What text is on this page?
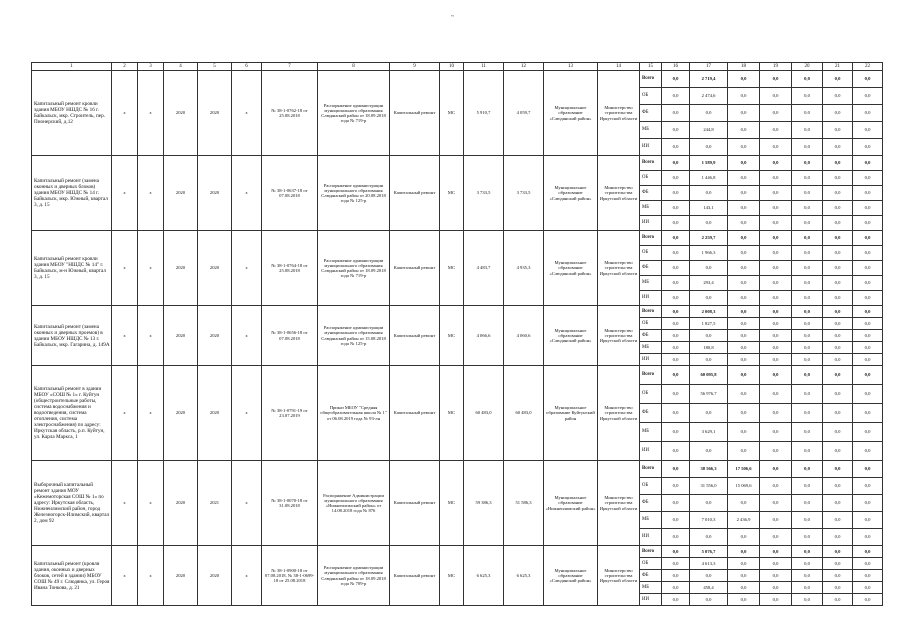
~
1	2	3	4	5	6	7	8	9	10	11	12	13	14	15	16	17	18	19	20	21	22
Капитальный ремонт кровли здания МБОУ НШДС № 16 г. Байкальск, мкр. Строитель, пер. Пионерский, д.12	х	х	2020	2020	х	№ 38-1-0762-18 от 25.08.2018	Распоряжение администрации муниципального образования Слюдянский район от 18.09.2018 года № 719-р	Капитальный ремонт	МС	5 910,7	4 059,7	Муниципальное образование «Слюдянский район»	Министерство строительства Иркутской области	Всего	0,0	2 719,4	0,0	0,0	0,0	0,0	0,0
														ОБ	0,0	2 474,6	0,0	0,0	0,0	0,0	0,0
														ФБ	0,0	0,0	0,0	0,0	0,0	0,0	0,0
														МБ	0,0	244,8	0,0	0,0	0,0	0,0	0,0
														ИИ	0,0	0,0	0,0	0,0	0,0	0,0	0,0
Капитальный ремонт (замена оконных и дверных блоков) здания МБОУ НШДС № 14 г. Байкальск, мкр. Южный, квартал 3, д. 15	х	х	2020	2020	х	№ 38-1-0637-18 от 07.08.2018	Распоряжение администрации муниципального образования Слюдянский район от 20.08.2018 года № 125-р	Капитальный ремонт	МС	3 733,5	3 733,5	Муниципальное образование «Слюдянский район»	Министерство строительства Иркутской области	Всего	0,0	1 589,9	0,0	0,0	0,0	0,0	0,0
														ОБ	0,0	1 446,8	0,0	0,0	0,0	0,0	0,0
														ФБ	0,0	0,0	0,0	0,0	0,0	0,0	0,0
														МБ	0,0	143,1	0,0	0,0	0,0	0,0	0,0
														ИИ	0,0	0,0	0,0	0,0	0,0	0,0	0,0
Капитальный ремонт кровли здания МБОУ "НШДС № 14" г. Байкальск, м-н Южный, квартал 3, д. 15	х	х	2020	2020	х	№ 38-1-0764-18 от 25.08.2018	Распоряжение администрации муниципального образования Слюдянский район от 18.09.2018 года № 719-р	Капитальный ремонт	МС	4 483,7	4 935,3	Муниципальное образование «Слюдянский район»	Министерство строительства Иркутской области	Всего	0,0	2 259,7	0,0	0,0	0,0	0,0	0,0
														ОБ	0,0	1 966,3	0,0	0,0	0,0	0,0	0,0
														ФБ	0,0	0,0	0,0	0,0	0,0	0,0	0,0
														МБ	0,0	293,4	0,0	0,0	0,0	0,0	0,0
														ИИ	0,0	0,0	0,0	0,0	0,0	0,0	0,0
Капитальный ремонт (замена оконных и дверных проемов) в здании МБОУ НШДС № 13 г. Байкальск, мкр. Гагарина, д. 149А	х	х	2020	2020	х	№ 38-1-0656-18 от 07.08.2018	Распоряжение администрации муниципального образования Слюдянский район от 15.08.2018 года № 125-р	Капитальный ремонт	МС	4 066,6	4 060,6	Муниципальное образование «Слюдянский район»	Министерство строительства Иркутской области	Всего	0,0	2 008,3	0,0	0,0	0,0	0,0	0,0
														ОБ	0,0	1 827,5	0,0	0,0	0,0	0,0	0,0
														ФБ	0,0	0,0	0,0	0,0	0,0	0,0	0,0
														МБ	0,0	180,8	0,0	0,0	0,0	0,0	0,0
														ИИ	0,0	0,0	0,0	0,0	0,0	0,0	0,0
Капитальный ремонт в здании МБОУ «СОШ № 1» г. Куйтун (общестроительные работы, система водоснабжения и водоотведения, система отопления, система электроснабжения) по адресу: Иркутская область, р.п. Куйтун, ул. Карла Маркса, 1	х	х	2020	2020	х	№ 38-1-0791-19 от 23.07.2019	Приказ МБОУ "Средняя общеобразовательная школа № 1" от 06.08.2019 года № 93-лн	Капитальный ремонт	МС	60 483,0	60 483,0	Муниципальное образование Куйтунский район	Министерство строительства Иркутской области	Всего	0,0	60 095,8	0,0	0,0	0,0	0,0	0,0
														ОБ	0,0	56 976,7	0,0	0,0	0,0	0,0	0,0
														ФБ	0,0	0,0	0,0	0,0	0,0	0,0	0,0
														МБ	0,0	3 629,1	0,0	0,0	0,0	0,0	0,0
														ИИ	0,0	0,0	0,0	0,0	0,0	0,0	0,0
Выборочный капитальный ремонт здания МОУ «Кежемоторская СОШ № 1» по адресу: Иркутская область, Нижнеилимский район, город Железногорск-Илимский, квартал 2, дом 92	х	х	2020	2021	х	№ 38-1-0070-18 от 31.08.2018	Распоряжение Администрации муниципального образования «Нижнеилимский район» от 14.08.2018 года № 876	Капитальный ремонт	МС	59 386,3	51 586,3	Муниципальное образование «Нижнеилимский район»	Министерство строительства Иркутской области	Всего	0,0	38 566,3	17 506,6	0,0	0,0	0,0	0,0
														ОБ	0,0	31 556,0	15 069,6	0,0	0,0	0,0	0,0
														ФБ	0,0	0,0	0,0	0,0	0,0	0,0	0,0
														МБ	0,0	7 010,3	2 436,9	0,0	0,0	0,0	0,0
														ИИ	0,0	0,0	0,0	0,0	0,0	0,0	0,0
Капитальный ремонт (кровли здания, оконных и дверных блоков, сетей в здании) МБОУ СОШ № 49 г. Слюдянка, ул. Героя Ивана Тонкова, д. 21	х	х	2020	2020	х	№ 38-1-0900-18 от 07.08.2018, № 38-1-0699-18 от 25.08.2018	Распоряжение администрации муниципального образования Слюдянский район от 18.09.2018 года № 709-р	Капитальный ремонт	МС	6 625,3	6 625,3	Муниципальное образование «Слюдянский район»	Министерство строительства Иркутской области	Всего	0,0	5 076,7	0,0	0,0	0,0	0,0	0,0
														ОБ	0,0	4 613,3	0,0	0,0	0,0	0,0	0,0
														ФБ	0,0	0,0	0,0	0,0	0,0	0,0	0,0
														МБ	0,0	458,4	0,0	0,0	0,0	0,0	0,0
														ИИ	0,0	0,0	0,0	0,0	0,0	0,0	0,0
